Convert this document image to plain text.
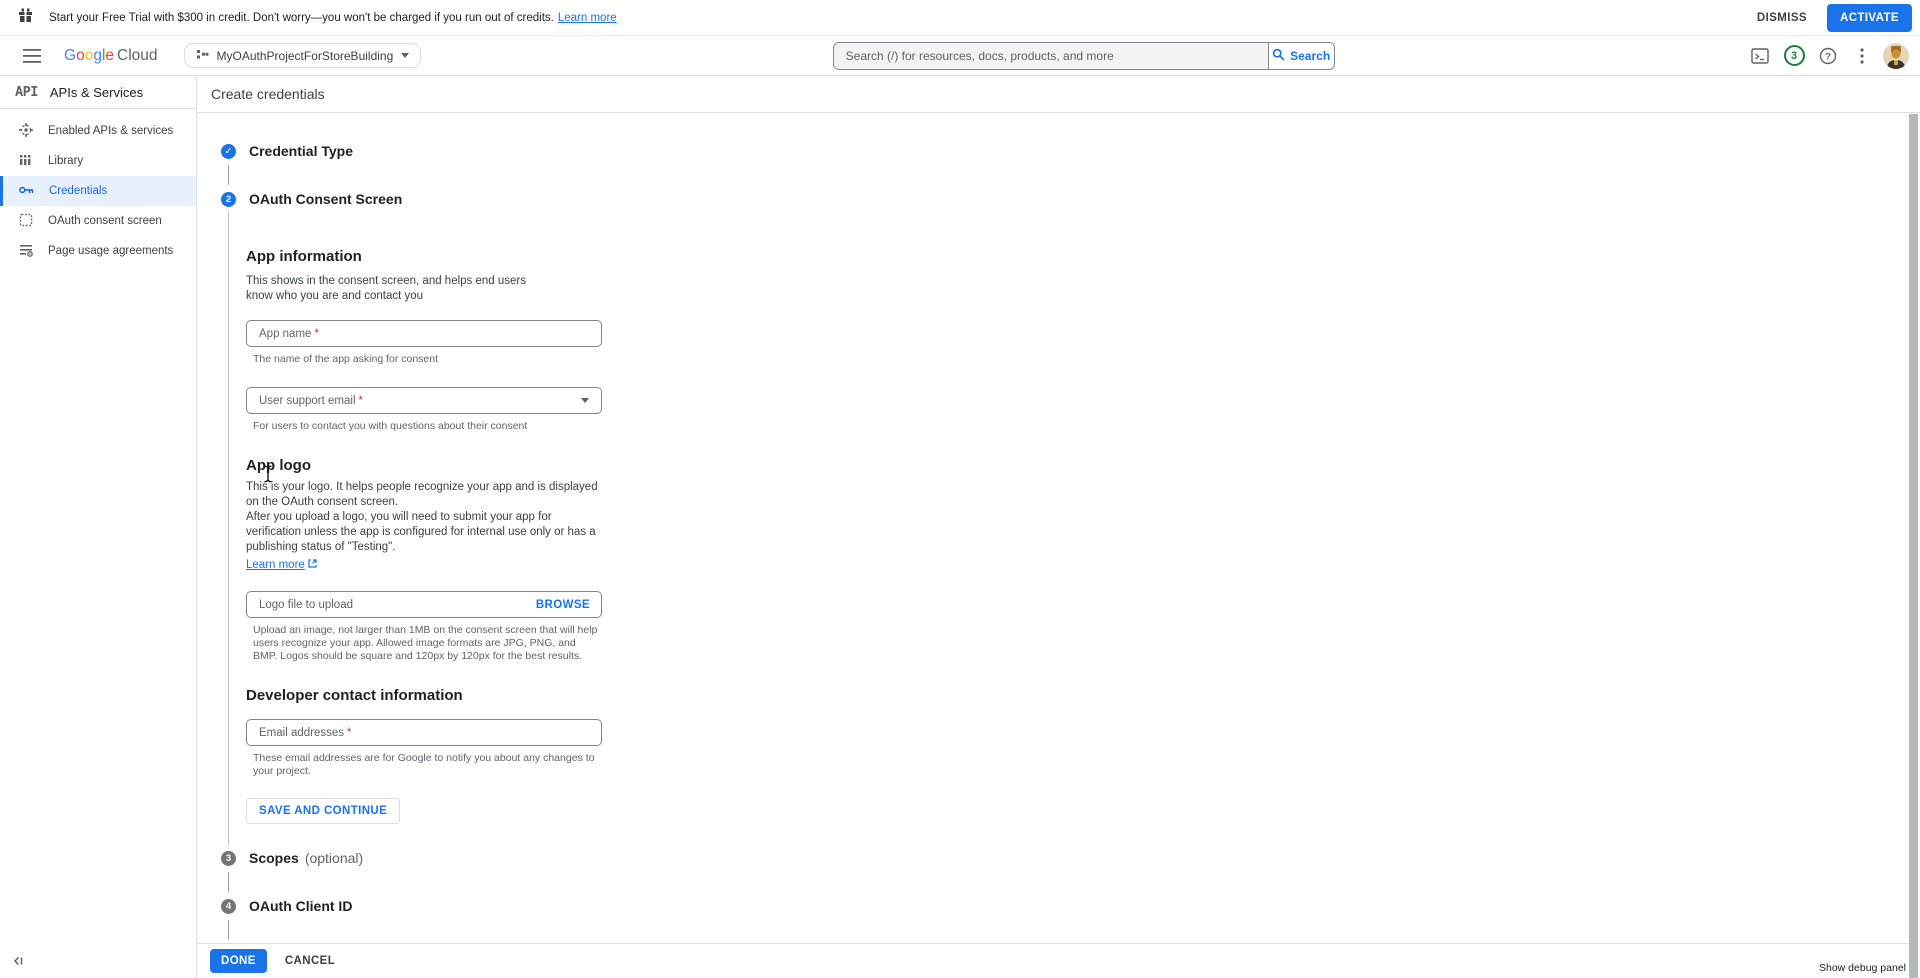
Start your Free Trial with $300 in credit. Don't worry—you won't be charged if you run out of credits. Learn more	DISMISS	ACTIVATE
Google Cloud	MyOAuthProjectForStoreBuilding
Search (/) for resources, docs, products, and more	Search	3	?
API APIs & Services
Enabled APIs & services
Library
Credentials
OAuth consent screen
Page usage agreements
Create credentials
✓ Credential Type
2	OAuth Consent Screen
App information

This shows in the consent screen, and helps end users know who you are and contact you

App name *
The name of the app asking for consent
User support email *
For users to contact you with questions about their consent
App logo

This is your logo. It helps people recognize your app and is displayed on the OAuth consent screen.

After you upload a logo, you will need to submit your app for verification unless the app is configured for internal use only or has a publishing status of "Testing".

Learn more
Logo file to upload	BROWSE
Upload an image, not larger than 1MB on the consent screen that will help users recognize your app. Allowed image formats are JPG, PNG, and BMP. Logos should be square and 120px by 120px for the best results.
Developer contact information
Email addresses *
These email addresses are for Google to notify you about any changes to your project.
SAVE AND CONTINUE
3	Scopes (optional)
4	OAuth Client ID
DONE	CANCEL
Show debug panel
